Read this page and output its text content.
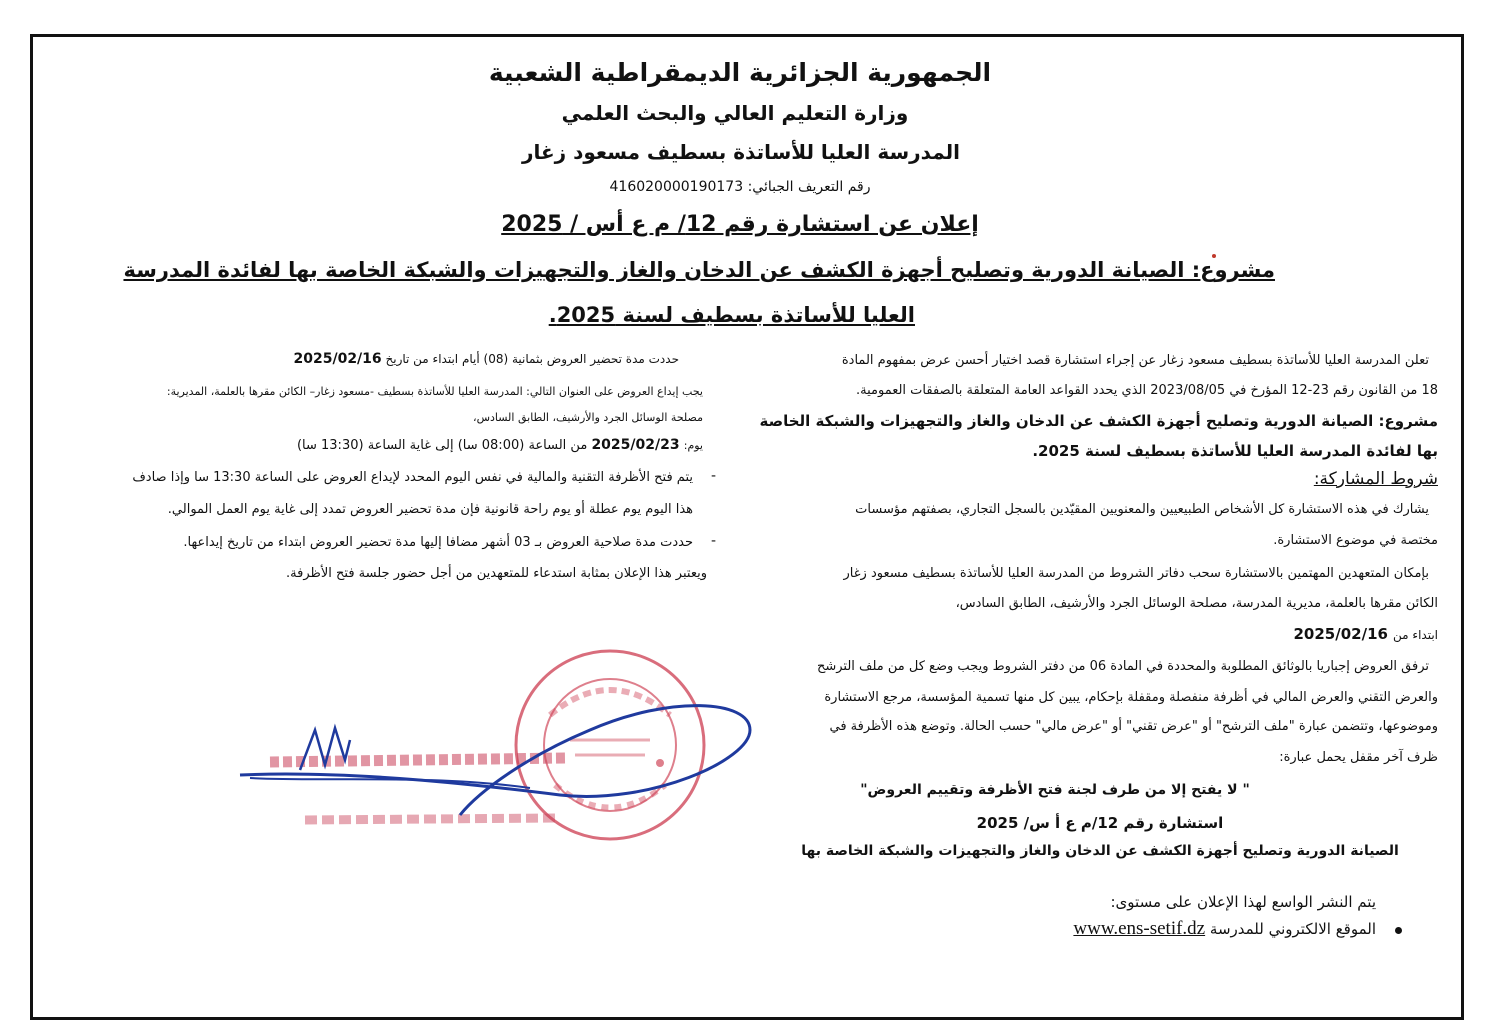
الجمهورية الجزائرية الديمقراطية الشعبية
وزارة التعليم العالي والبحث العلمي
المدرسة العليا للأساتذة بسطيف مسعود زغار
رقم التعريف الجبائي: 416020000190173
إعلان عن استشارة رقم 12/ م ع أس / 2025
مشروع: الصيانة الدورية وتصليح أجهزة الكشف عن الدخان والغاز والتجهيزات والشبكة الخاصة بها لفائدة المدرسة
العليا للأساتذة بسطيف لسنة 2025.
تعلن المدرسة العليا للأساتذة بسطيف مسعود زغار عن إجراء استشارة قصد اختيار أحسن عرض بمفهوم المادة
18 من القانون رقم 23-12 المؤرخ في 2023/08/05 الذي يحدد القواعد العامة المتعلقة بالصفقات العمومية.
مشروع: الصيانة الدورية وتصليح أجهزة الكشف عن الدخان والغاز والتجهيزات والشبكة الخاصة
بها لفائدة المدرسة العليا للأساتذة بسطيف لسنة 2025.
شروط المشاركة:
يشارك في هذه الاستشارة كل الأشخاص الطبيعيين والمعنويين المقيّدين بالسجل التجاري، بصفتهم مؤسسات
مختصة في موضوع الاستشارة.
بإمكان المتعهدين المهتمين بالاستشارة سحب دفاتر الشروط من المدرسة العليا للأساتذة بسطيف مسعود زغار
الكائن مقرها بالعلمة، مديرية المدرسة، مصلحة الوسائل الجرد والأرشيف، الطابق السادس،
ابتداء من 2025/02/16
ترفق العروض إجباريا بالوثائق المطلوبة والمحددة في المادة 06 من دفتر الشروط ويجب وضع كل من ملف الترشح
والعرض التقني والعرض المالي في أظرفة منفصلة ومقفلة بإحكام، يبين كل منها تسمية المؤسسة، مرجع الاستشارة
وموضوعها، وتتضمن عبارة "ملف الترشح" أو "عرض تقني" أو "عرض مالي" حسب الحالة. وتوضع هذه الأظرفة في
ظرف آخر مقفل يحمل عبارة:
" لا يفتح إلا من طرف لجنة فتح الأظرفة وتقييم العروض"
استشارة رقم 12/م ع أ س/ 2025
الصيانة الدورية وتصليح أجهزة الكشف عن الدخان والغاز والتجهيزات والشبكة الخاصة بها
يتم النشر الواسع لهذا الإعلان على مستوى:
الموقع الالكتروني للمدرسة www.ens-setif.dz
حددت مدة تحضير العروض بثمانية (08) أيام ابتداء من تاريخ 2025/02/16
يجب إيداع العروض على العنوان التالي: المدرسة العليا للأساتذة بسطيف -مسعود زغار– الكائن مقرها بالعلمة، المديرية:
مصلحة الوسائل الجرد والأرشيف، الطابق السادس،
يوم: 2025/02/23 من الساعة (08:00 سا) إلى غاية الساعة (13:30 سا)
-
يتم فتح الأظرفة التقنية والمالية في نفس اليوم المحدد لإيداع العروض على الساعة 13:30 سا وإذا صادف
هذا اليوم يوم عطلة أو يوم راحة قانونية فإن مدة تحضير العروض تمدد إلى غاية يوم العمل الموالي.
-
حددت مدة صلاحية العروض بـ 03 أشهر مضافا إليها مدة تحضير العروض ابتداء من تاريخ إيداعها.
ويعتبر هذا الإعلان بمثابة استدعاء للمتعهدين من أجل حضور جلسة فتح الأظرفة.
